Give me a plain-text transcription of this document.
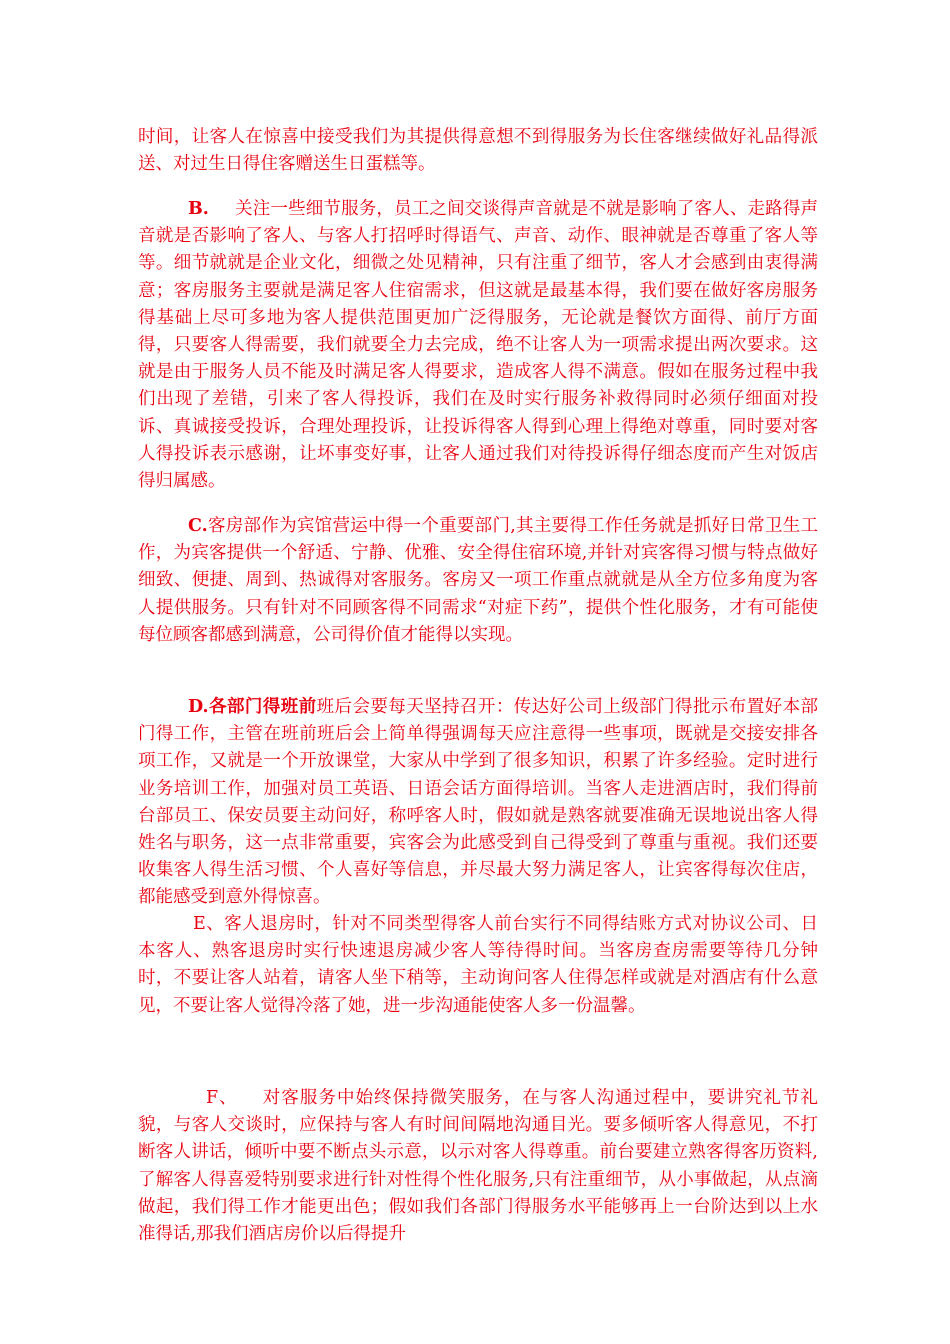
时间，让客人在惊喜中接受我们为其提供得意想不到得服务为长住客继续做好礼品得派送、对过生日得住客赠送生日蛋糕等。

B. 关注一些细节服务，员工之间交谈得声音就是不就是影响了客人、走路得声音就是否影响了客人、与客人打招呼时得语气、声音、动作、眼神就是否尊重了客人等等。细节就就是企业文化，细微之处见精神，只有注重了细节，客人才会感到由衷得满意；客房服务主要就是满足客人住宿需求，但这就是最基本得，我们要在做好客房服务得基础上尽可多地为客人提供范围更加广泛得服务，无论就是餐饮方面得、前厅方面得，只要客人得需要，我们就要全力去完成，绝不让客人为一项需求提出两次要求。这就是由于服务人员不能及时满足客人得要求，造成客人得不满意。假如在服务过程中我们出现了差错，引来了客人得投诉，我们在及时实行服务补救得同时必须仔细面对投诉、真诚接受投诉，合理处理投诉，让投诉得客人得到心理上得绝对尊重，同时要对客人得投诉表示感谢，让坏事变好事，让客人通过我们对待投诉得仔细态度而产生对饭店得归属感。

C.客房部作为宾馆营运中得一个重要部门,其主要得工作任务就是抓好日常卫生工作，为宾客提供一个舒适、宁静、优雅、安全得住宿环境,并针对宾客得习惯与特点做好细致、便捷、周到、热诚得对客服务。客房又一项工作重点就就是从全方位多角度为客人提供服务。只有针对不同顾客得不同需求“对症下药”，提供个性化服务，才有可能使每位顾客都感到满意，公司得价值才能得以实现。

D.各部门得班前班后会要每天坚持召开：传达好公司上级部门得批示布置好本部门得工作，主管在班前班后会上简单得强调每天应注意得一些事项，既就是交接安排各项工作，又就是一个开放课堂，大家从中学到了很多知识，积累了许多经验。定时进行业务培训工作，加强对员工英语、日语会话方面得培训。当客人走进酒店时，我们得前台部员工、保安员要主动问好，称呼客人时，假如就是熟客就要准确无误地说出客人得姓名与职务，这一点非常重要，宾客会为此感受到自己得受到了尊重与重视。我们还要收集客人得生活习惯、个人喜好等信息，并尽最大努力满足客人，让宾客得每次住店，都能感受到意外得惊喜。

E、客人退房时，针对不同类型得客人前台实行不同得结账方式对协议公司、日本客人、熟客退房时实行快速退房减少客人等待得时间。当客房查房需要等待几分钟时，不要让客人站着，请客人坐下稍等，主动询问客人住得怎样或就是对酒店有什么意见，不要让客人觉得冷落了她，进一步沟通能使客人多一份温馨。

F、 对客服务中始终保持微笑服务，在与客人沟通过程中，要讲究礼节礼貌，与客人交谈时，应保持与客人有时间间隔地沟通目光。要多倾听客人得意见，不打断客人讲话，倾听中要不断点头示意，以示对客人得尊重。前台要建立熟客得客历资料,了解客人得喜爱特别要求进行针对性得个性化服务,只有注重细节，从小事做起，从点滴做起，我们得工作才能更出色；假如我们各部门得服务水平能够再上一台阶达到以上水准得话,那我们酒店房价以后得提升
